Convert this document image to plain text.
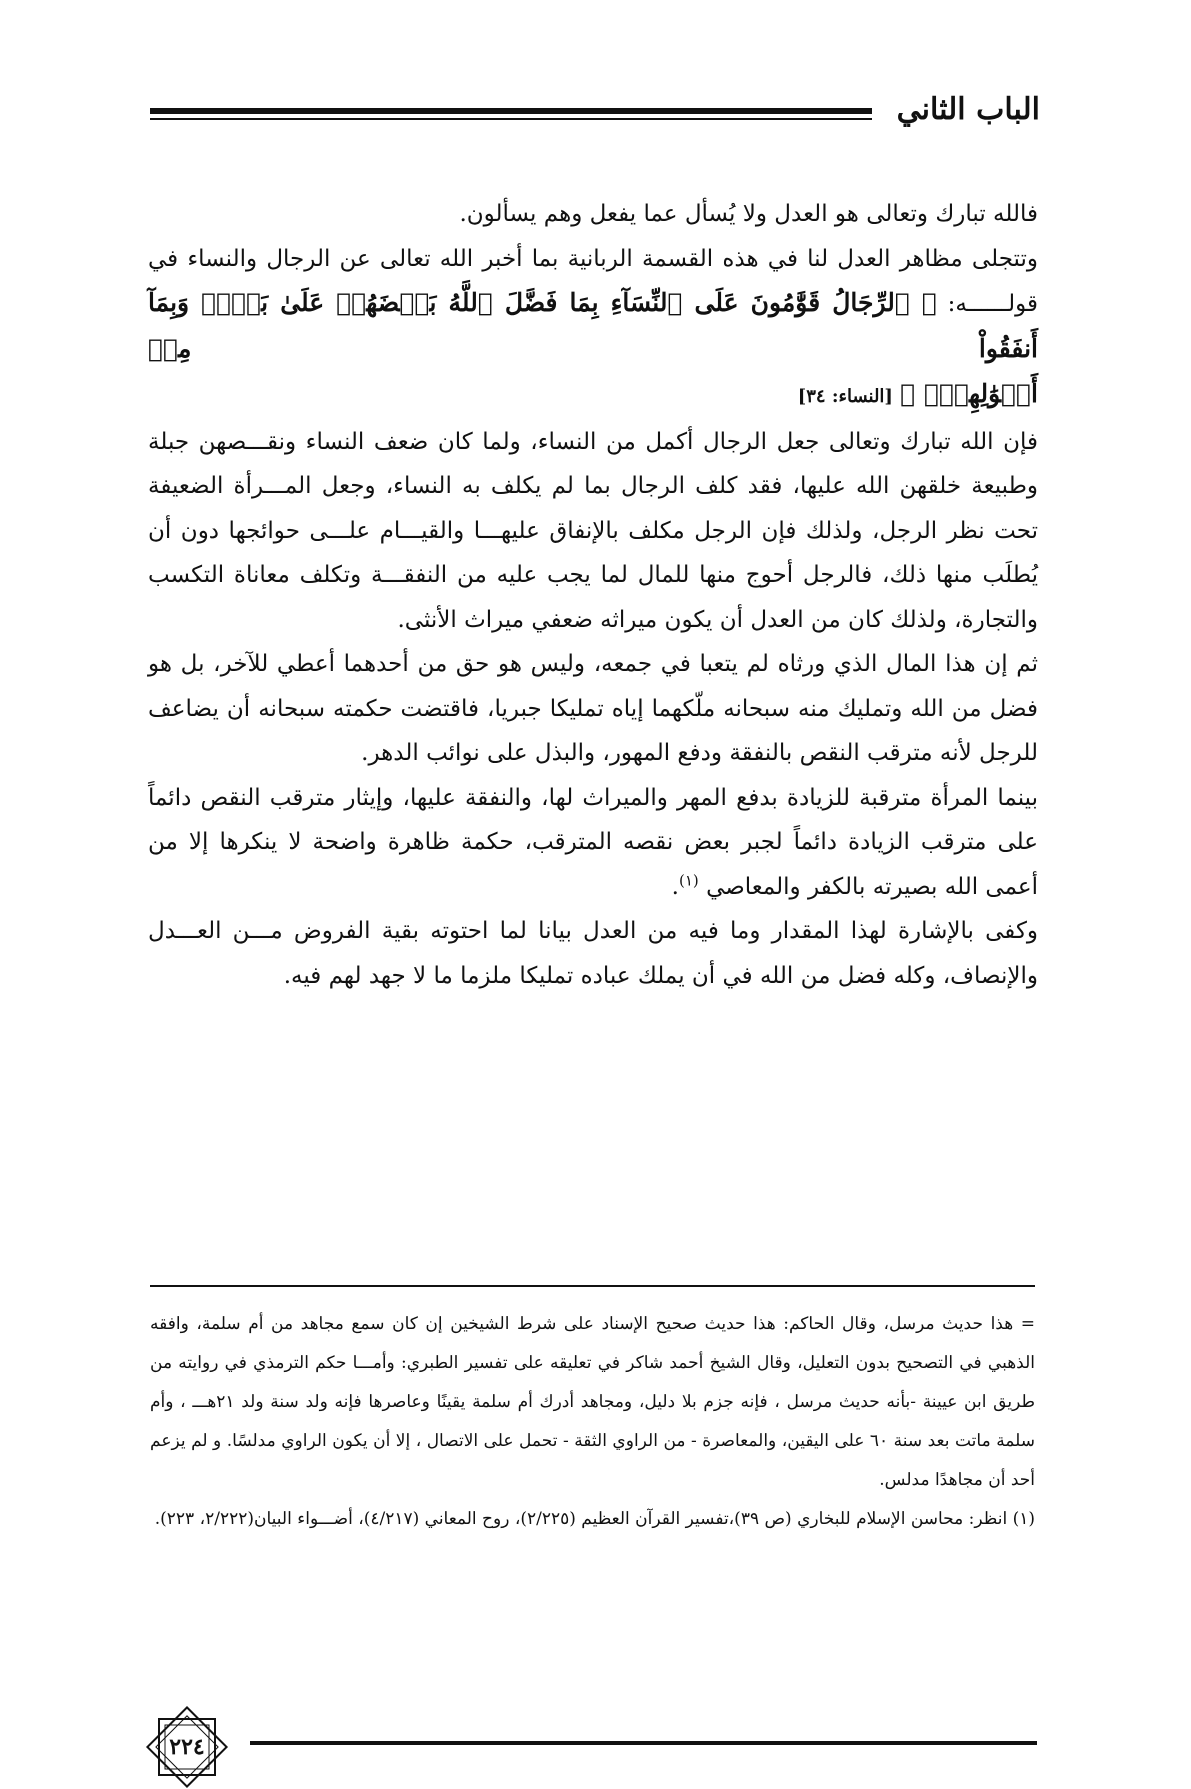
الباب الثاني

فالله تبارك وتعالى هو العدل ولا يُسأل عما يفعل وهم يسألون.

وتتجلى مظاهر العدل لنا في هذه القسمة الربانية بما أخبر الله تعالى عن الرجال والنساء في

قولــــــه: ﴿ ٱلرِّجَالُ قَوَّٰمُونَ عَلَى ٱلنِّسَآءِ بِمَا فَضَّلَ ٱللَّهُ بَعۡضَهُمۡ عَلَىٰ بَعۡضٖ وَبِمَآ أَنفَقُواْ مِنۡ

أَمۡوَٰلِهِمۡۚ ﴾ [النساء: ٣٤]

فإن الله تبارك وتعالى جعل الرجال أكمل من النساء، ولما كان ضعف النساء ونقـــصهن جبلة وطبيعة خلقهن الله عليها، فقد كلف الرجال بما لم يكلف به النساء، وجعل المـــرأة الضعيفة تحت نظر الرجل، ولذلك فإن الرجل مكلف بالإنفاق عليهـــا والقيـــام علـــى حوائجها دون أن يُطلَب منها ذلك، فالرجل أحوج منها للمال لما يجب عليه من النفقـــة وتكلف معاناة التكسب والتجارة، ولذلك كان من العدل أن يكون ميراثه ضعفي ميراث الأنثى.

ثم إن هذا المال الذي ورثاه لم يتعبا في جمعه، وليس هو حق من أحدهما أعطي للآخر، بل هو فضل من الله وتمليك منه سبحانه ملّكهما إياه تمليكا جبريا، فاقتضت حكمته سبحانه أن يضاعف للرجل لأنه مترقب النقص بالنفقة ودفع المهور، والبذل على نوائب الدهر.

بينما المرأة مترقبة للزيادة بدفع المهر والميراث لها، والنفقة عليها، وإيثار مترقب النقص دائماً على مترقب الزيادة دائماً لجبر بعض نقصه المترقب، حكمة ظاهرة واضحة لا ينكرها إلا من أعمى الله بصيرته بالكفر والمعاصي $^{(١)}$.

وكفى بالإشارة لهذا المقدار وما فيه من العدل بيانا لما احتوته بقية الفروض مـــن العـــدل والإنصاف، وكله فضل من الله في أن يملك عباده تمليكا ملزما ما لا جهد لهم فيه.

= هذا حديث مرسل، وقال الحاكم: هذا حديث صحيح الإسناد على شرط الشيخين إن كان سمع مجاهد من أم سلمة، وافقه الذهبي في التصحيح بدون التعليل، وقال الشيخ أحمد شاكر في تعليقه على تفسير الطبري: وأمـــا حكم الترمذي في روايته من طريق ابن عيينة -بأنه حديث مرسل ، فإنه جزم بلا دليل، ومجاهد أدرك أم سلمة يقينًا وعاصرها فإنه ولد سنة ولد ٢١هـــ ، وأم سلمة ماتت بعد سنة ٦٠ على اليقين، والمعاصرة - من الراوي الثقة - تحمل على الاتصال ، إلا أن يكون الراوي مدلسًا. و لم يزعم أحد أن مجاهدًا مدلس.

(١) انظر: محاسن الإسلام للبخاري (ص ٣٩)،تفسير القرآن العظيم (٢/٢٢٥)، روح المعاني (٤/٢١٧)، أضـــواء البيان(٢/٢٢٢، ٢٢٣).

٢٢٤
